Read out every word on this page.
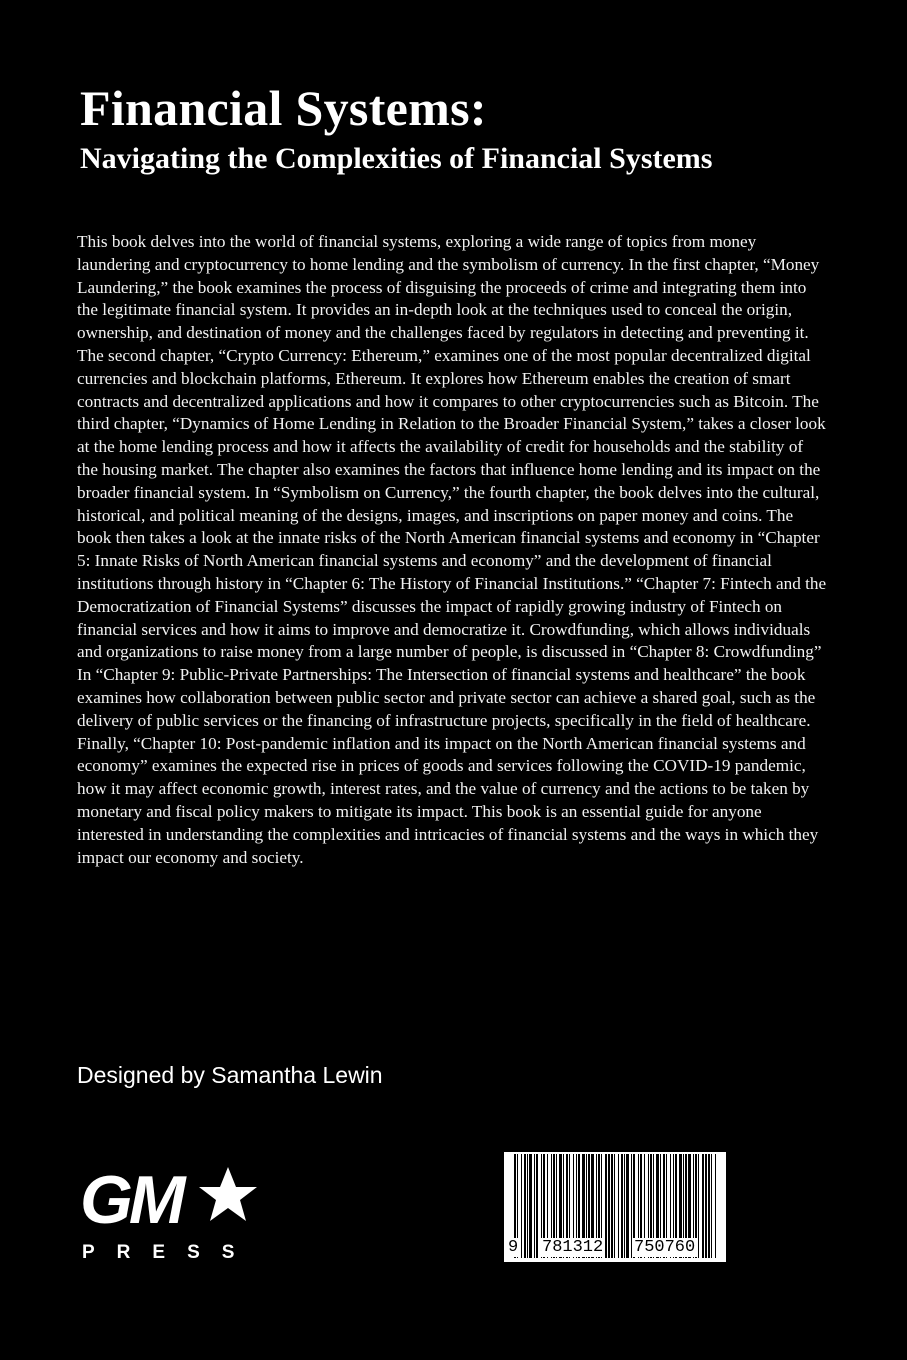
Financial Systems:
Navigating the Complexities of Financial Systems

This book delves into the world of financial systems, exploring a wide range of topics from money laundering and cryptocurrency to home lending and the symbolism of currency. In the first chapter, “Money Laundering,” the book examines the process of disguising the proceeds of crime and integrating them into the legitimate financial system. It provides an in-depth look at the techniques used to conceal the origin, ownership, and destination of money and the challenges faced by regulators in detecting and preventing it. The second chapter, “Crypto Currency: Ethereum,” examines one of the most popular decentralized digital currencies and blockchain platforms, Ethereum. It explores how Ethereum enables the creation of smart contracts and decentralized applications and how it compares to other cryptocurrencies such as Bitcoin. The third chapter, “Dynamics of Home Lending in Relation to the Broader Financial System,” takes a closer look at the home lending process and how it affects the availability of credit for households and the stability of the housing market. The chapter also examines the factors that influence home lending and its impact on the broader financial system. In “Symbolism on Currency,” the fourth chapter, the book delves into the cultural, historical, and political meaning of the designs, images, and inscriptions on paper money and coins. The book then takes a look at the innate risks of the North American financial systems and economy in “Chapter 5: Innate Risks of North American financial systems and economy” and the development of financial institutions through history in “Chapter 6: The History of Financial Institutions.” “Chapter 7: Fintech and the Democratization of Financial Systems” discusses the impact of rapidly growing industry of Fintech on financial services and how it aims to improve and democratize it. Crowdfunding, which allows individuals and organizations to raise money from a large number of people, is discussed in “Chapter 8: Crowdfunding” In “Chapter 9: Public-Private Partnerships: The Intersection of financial systems and healthcare” the book examines how collaboration between public sector and private sector can achieve a shared goal, such as the delivery of public services or the financing of infrastructure projects, specifically in the field of healthcare. Finally, “Chapter 10: Post-pandemic inflation and its impact on the North American financial systems and economy” examines the expected rise in prices of goods and services following the COVID-19 pandemic, how it may affect economic growth, interest rates, and the value of currency and the actions to be taken by monetary and fiscal policy makers to mitigate its impact. This book is an essential guide for anyone interested in understanding the complexities and intricacies of financial systems and the ways in which they impact our economy and society.

Designed by Samantha Lewin
GM
PRESS	9 781312 750760
